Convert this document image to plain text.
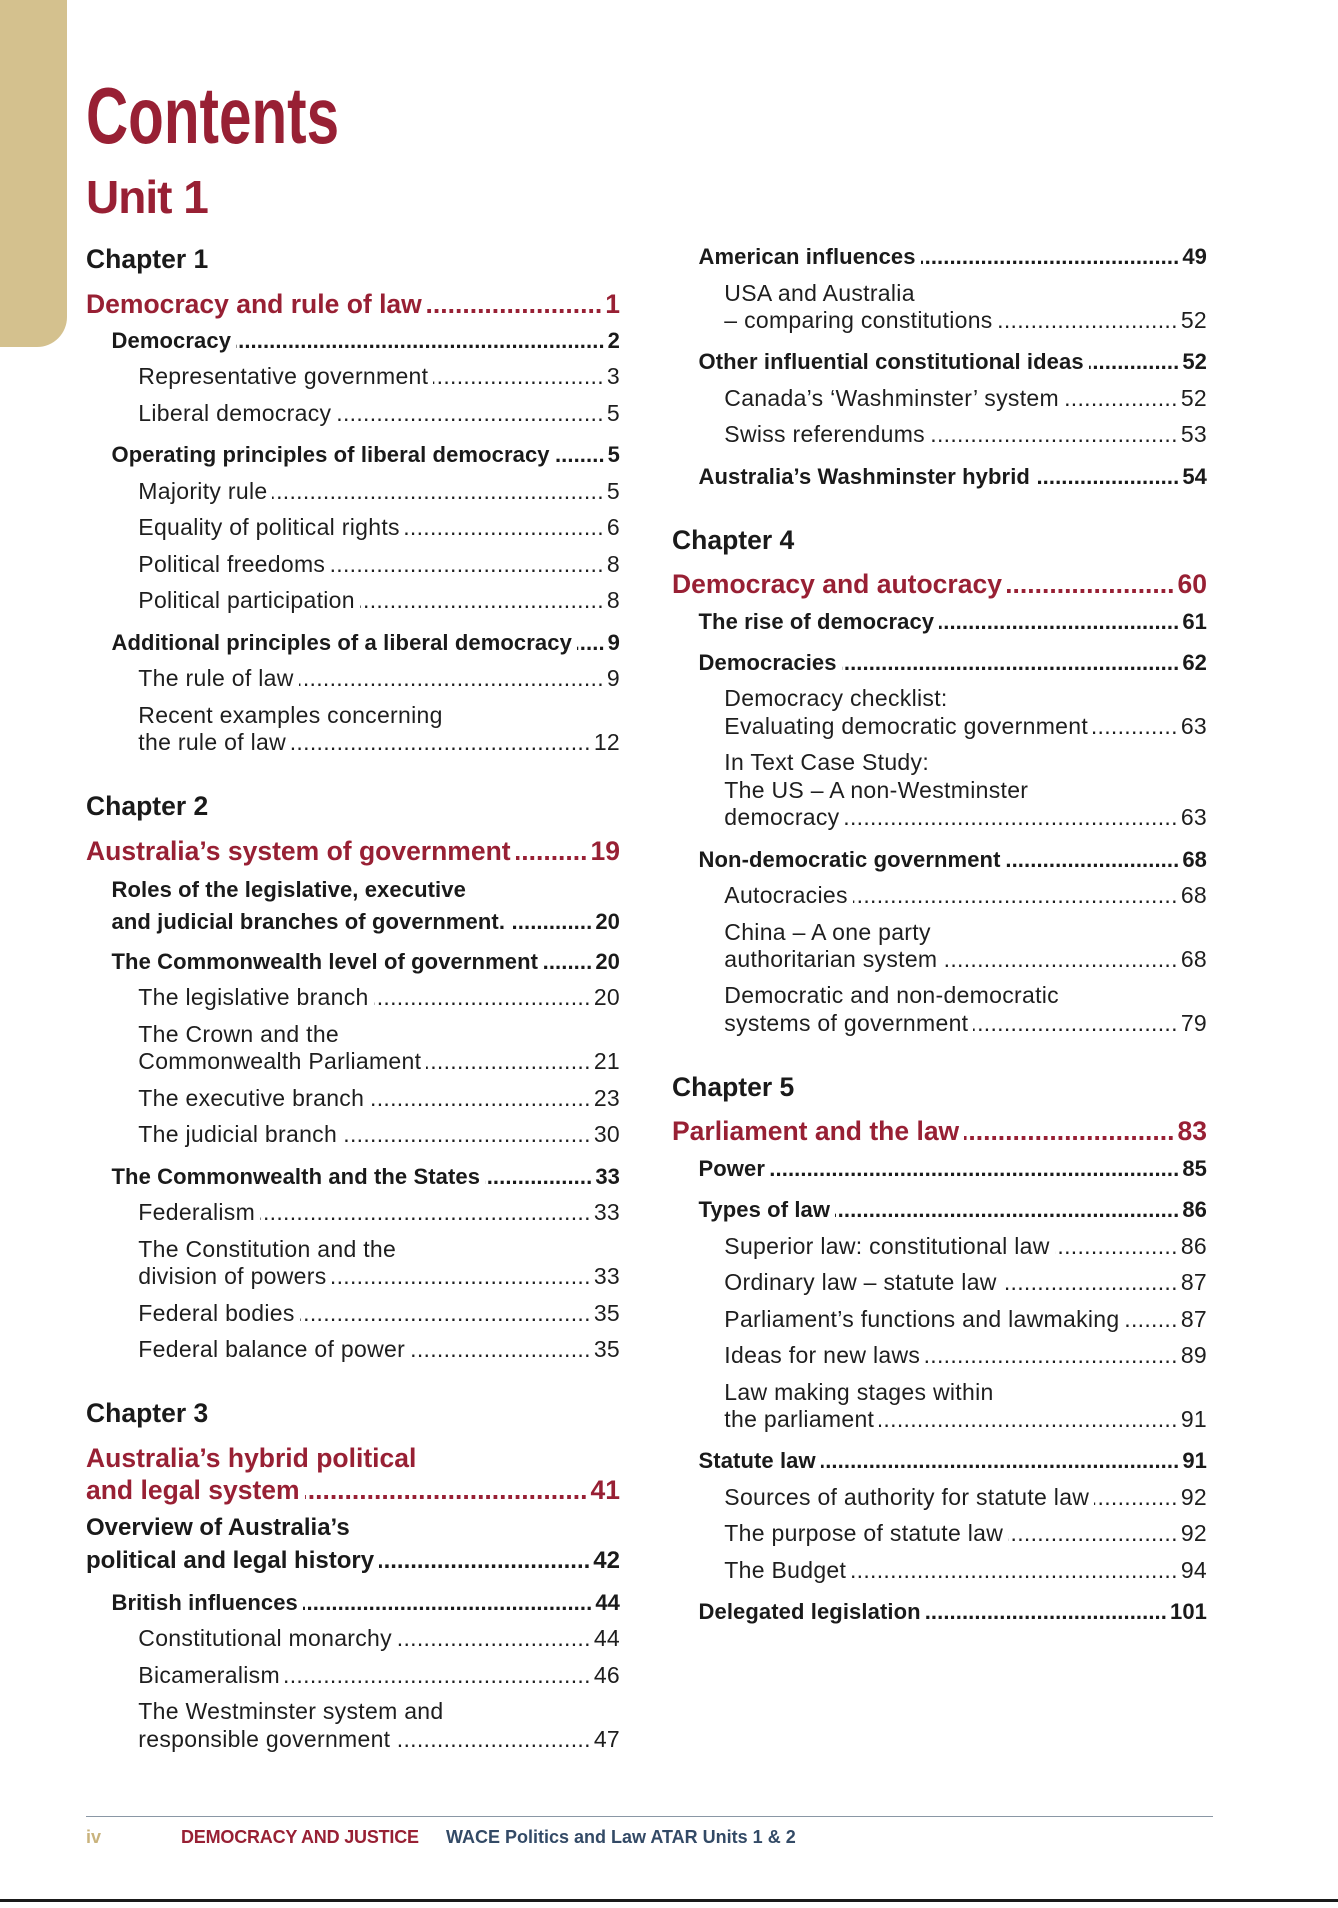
Contents
Unit 1
Chapter 1
Democracy and rule of law .....	1
Democracy .....	2
Representative government .....	3
Liberal democracy .....	5
Operating principles of liberal democracy .....	5
Majority rule .....	5
Equality of political rights .....	6
Political freedoms .....	8
Political participation .....	8
Additional principles of a liberal democracy ..... 9
The rule of law .....	9
Recent examples concerning
the rule of law .....	12
Chapter 2
Australia’s system of government .....	19
Roles of the legislative, executive
and judicial branches of government. .....	20
The Commonwealth level of government .....	20
The legislative branch .....	20
The Crown and the
Commonwealth Parliament .....	21
The executive branch .....	23
The judicial branch .....	30
The Commonwealth and the States .....	33
Federalism .....	33
The Constitution and the
division of powers .....	33
Federal bodies .....	35
Federal balance of power .....	35
Chapter 3
Australia’s hybrid political
and legal system .....	41
Overview of Australia’s
political and legal history .....	42
British influences .....	44
Constitutional monarchy .....	44
Bicameralism .....	46
The Westminster system and
responsible government .....	47
American influences .....	49
USA and Australia
– comparing constitutions .....	52
Other influential constitutional ideas .....	52
Canada’s ‘Washminster’ system .....	52
Swiss referendums .....	53
Australia’s Washminster hybrid .....	54
Chapter 4
Democracy and autocracy .....	60
The rise of democracy .....	61
Democracies .....	62
Democracy checklist:
Evaluating democratic government .....	63
In Text Case Study:
The US – A non-Westminster
democracy .....	63
Non-democratic government .....	68
Autocracies .....	68
China – A one party
authoritarian system .....	68
Democratic and non-democratic
systems of government .....	79
Chapter 5
Parliament and the law .....	83
Power .....	85
Types of law .....	86
Superior law: constitutional law .....	86
Ordinary law – statute law .....	87
Parliament’s functions and lawmaking .....	87
Ideas for new laws .....	89
Law making stages within
the parliament .....	91
Statute law .....	91
Sources of authority for statute law .....	92
The purpose of statute law .....	92
The Budget .....	94
Delegated legislation .....	101
iv	DEMOCRACY AND JUSTICE WACE Politics and Law ATAR Units 1 & 2
